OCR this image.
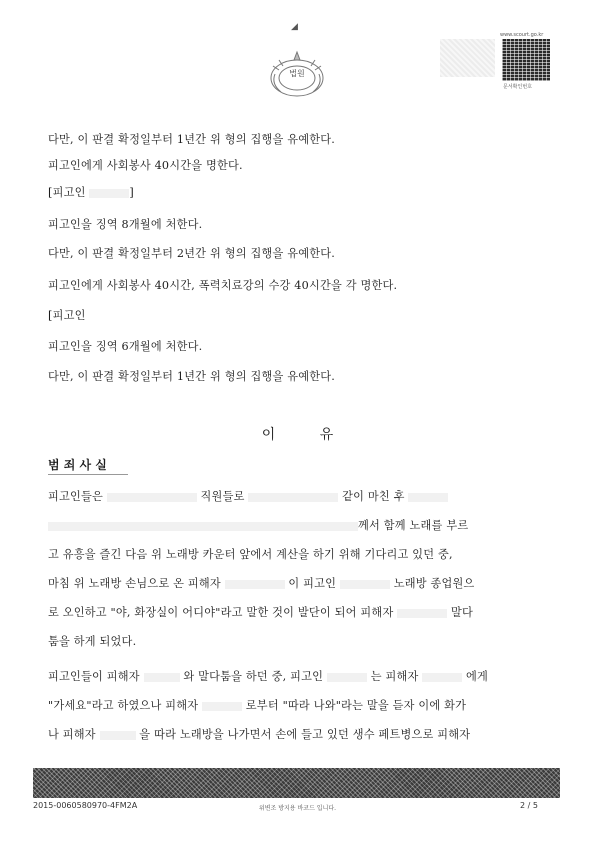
◢
법원
www.scourt.go.kr
문서확인번호
다만, 이 판결 확정일부터 1년간 위 형의 집행을 유예한다.
피고인에게 사회봉사 40시간을 명한다.
[피고인	]
피고인을 징역 8개월에 처한다.
다만, 이 판결 확정일부터 2년간 위 형의 집행을 유예한다.
피고인에게 사회봉사 40시간, 폭력치료강의 수강 40시간을 각 명한다.
[피고인
피고인을 징역 6개월에 처한다.
다만, 이 판결 확정일부터 1년간 위 형의 집행을 유예한다.
피고인들은	직원들로	같이 마친 후
께서 함께 노래를 부르
고 유흥을 즐긴 다음 위 노래방 카운터 앞에서 계산을 하기 위해 기다리고 있던 중,
마침 위 노래방 손님으로 온 피해자	이 피고인	노래방 종업원으
로 오인하고 "야, 화장실이 어디야"라고 말한 것이 발단이 되어 피해자	말다
툼을 하게 되었다.
피고인들이 피해자	와 말다툼을 하던 중, 피고인	는 피해자	에게
"가세요"라고 하였으나 피해자	로부터 "따라 나와"라는 말을 듣자 이에 화가
나 피해자	을 따라 노래방을 나가면서 손에 들고 있던 생수 페트병으로 피해자
이	유
범 죄 사 실
2015-0060580970-4FM2A	위변조 방지용 바코드 입니다.	2 / 5
